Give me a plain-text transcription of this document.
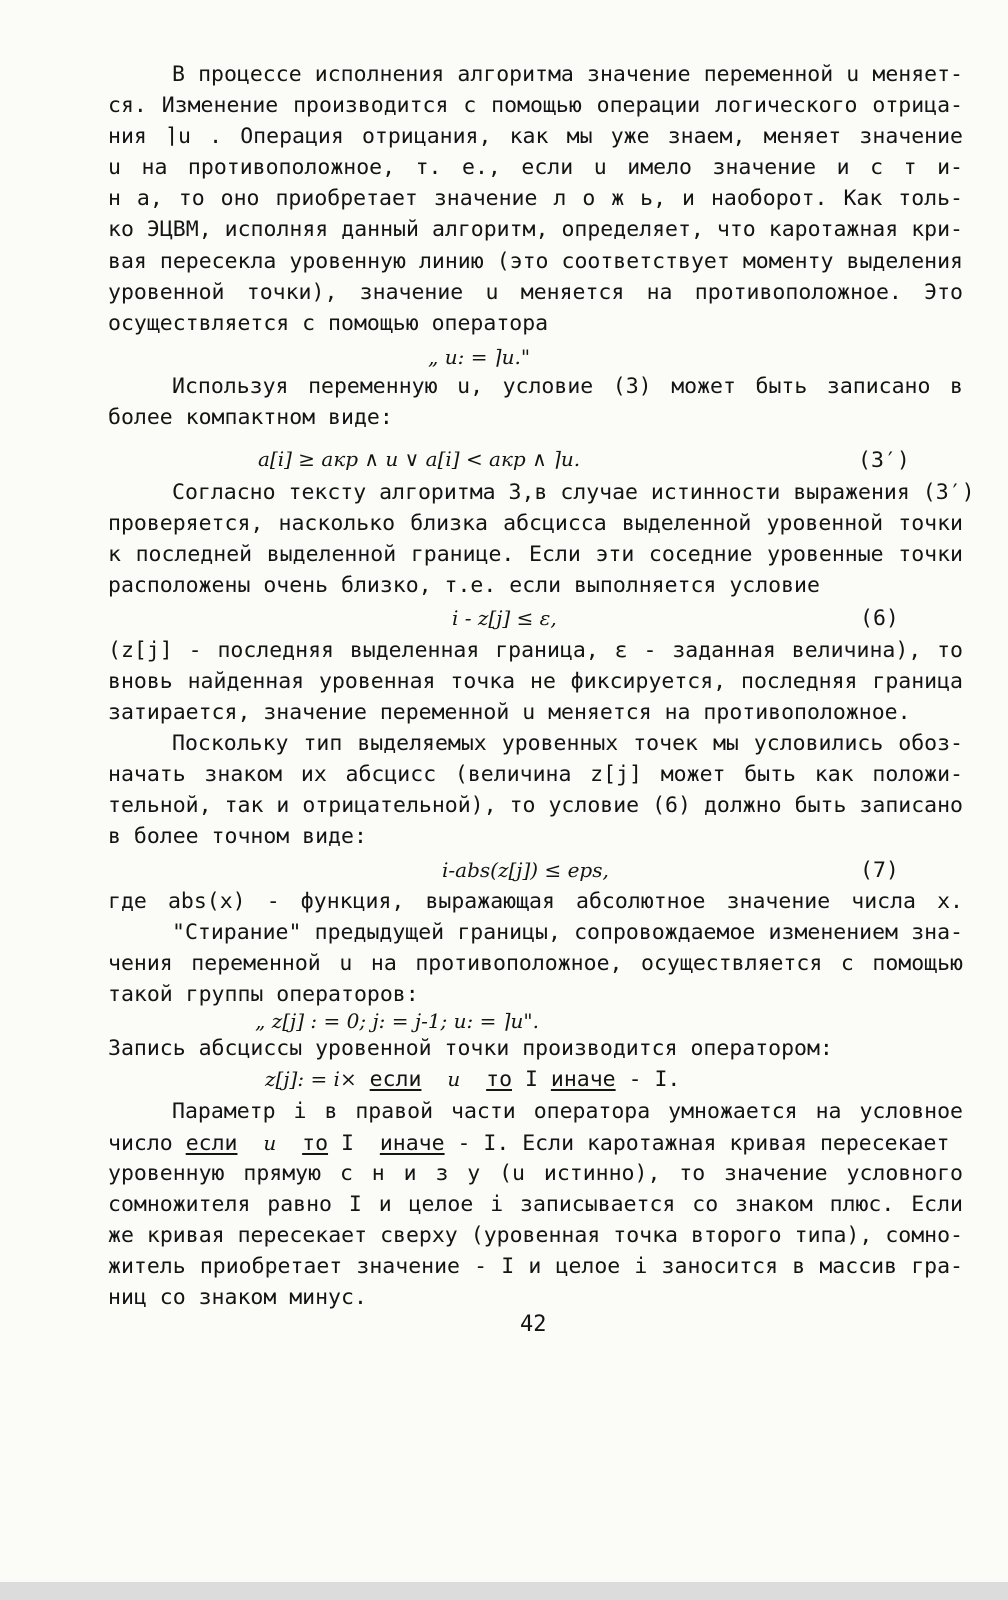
В процессе исполнения алгоритма значение переменной u меняет-
ся. Изменение производится с помощью операции логического отрица-
ния ⌉u . Операция отрицания, как мы уже знаем, меняет значение
u на противоположное, т. е., если u имело значение и с т и-
н а, то оно приобретает значение л о ж ь, и наоборот. Как толь-
ко ЭЦВМ, исполняя данный алгоритм, определяет, что каротажная кри-
вая пересекла уровенную линию (это соответствует моменту выделения
уровенной точки), значение u меняется на противоположное. Это
осуществляется с помощью оператора
„ u: = ⌉u."
Используя переменную u, условие (3) может быть записано в
более компактном виде:
a[i] ≥ акр ∧ u ∨ a[i] < акр ∧ ⌉u.	(3′)
Согласно тексту алгоритма 3,в случае истинности выражения (3′)
проверяется, насколько близка абсцисса выделенной уровенной точки
к последней выделенной границе. Если эти соседние уровенные точки
расположены очень близко, т.е. если выполняется условие
i - z[j] ≤ ε,	(6)
(z[j] - последняя выделенная граница, ε - заданная величина), то
вновь найденная уровенная точка не фиксируется, последняя граница
затирается, значение переменной u меняется на противоположное.
Поскольку тип выделяемых уровенных точек мы условились обоз-
начать знаком их абсцисс (величина z[j] может быть как положи-
тельной, так и отрицательной), то условие (6) должно быть записано
в более точном виде:
i-abs(z[j]) ≤ eps,	(7)
где abs(x) - функция, выражающая абсолютное значение числа x.
"Стирание" предыдущей границы, сопровождаемое изменением зна-
чения переменной u на противоположное, осуществляется с помощью
такой группы операторов:
„ z[j] : = 0; j: = j-1; u: = ⌉u".
Запись абсциссы уровенной точки производится оператором:
z[j]: = i× если u то I иначе - I.
Параметр i в правой части оператора умножается на условное
число если u то I иначе - I. Если каротажная кривая пересекает
уровенную прямую с н и з у (u истинно), то значение условного
сомножителя равно I и целое i записывается со знаком плюс. Если
же кривая пересекает сверху (уровенная точка второго типа), сомно-
житель приобретает значение - I и целое i заносится в массив гра-
ниц со знаком минус.
42
